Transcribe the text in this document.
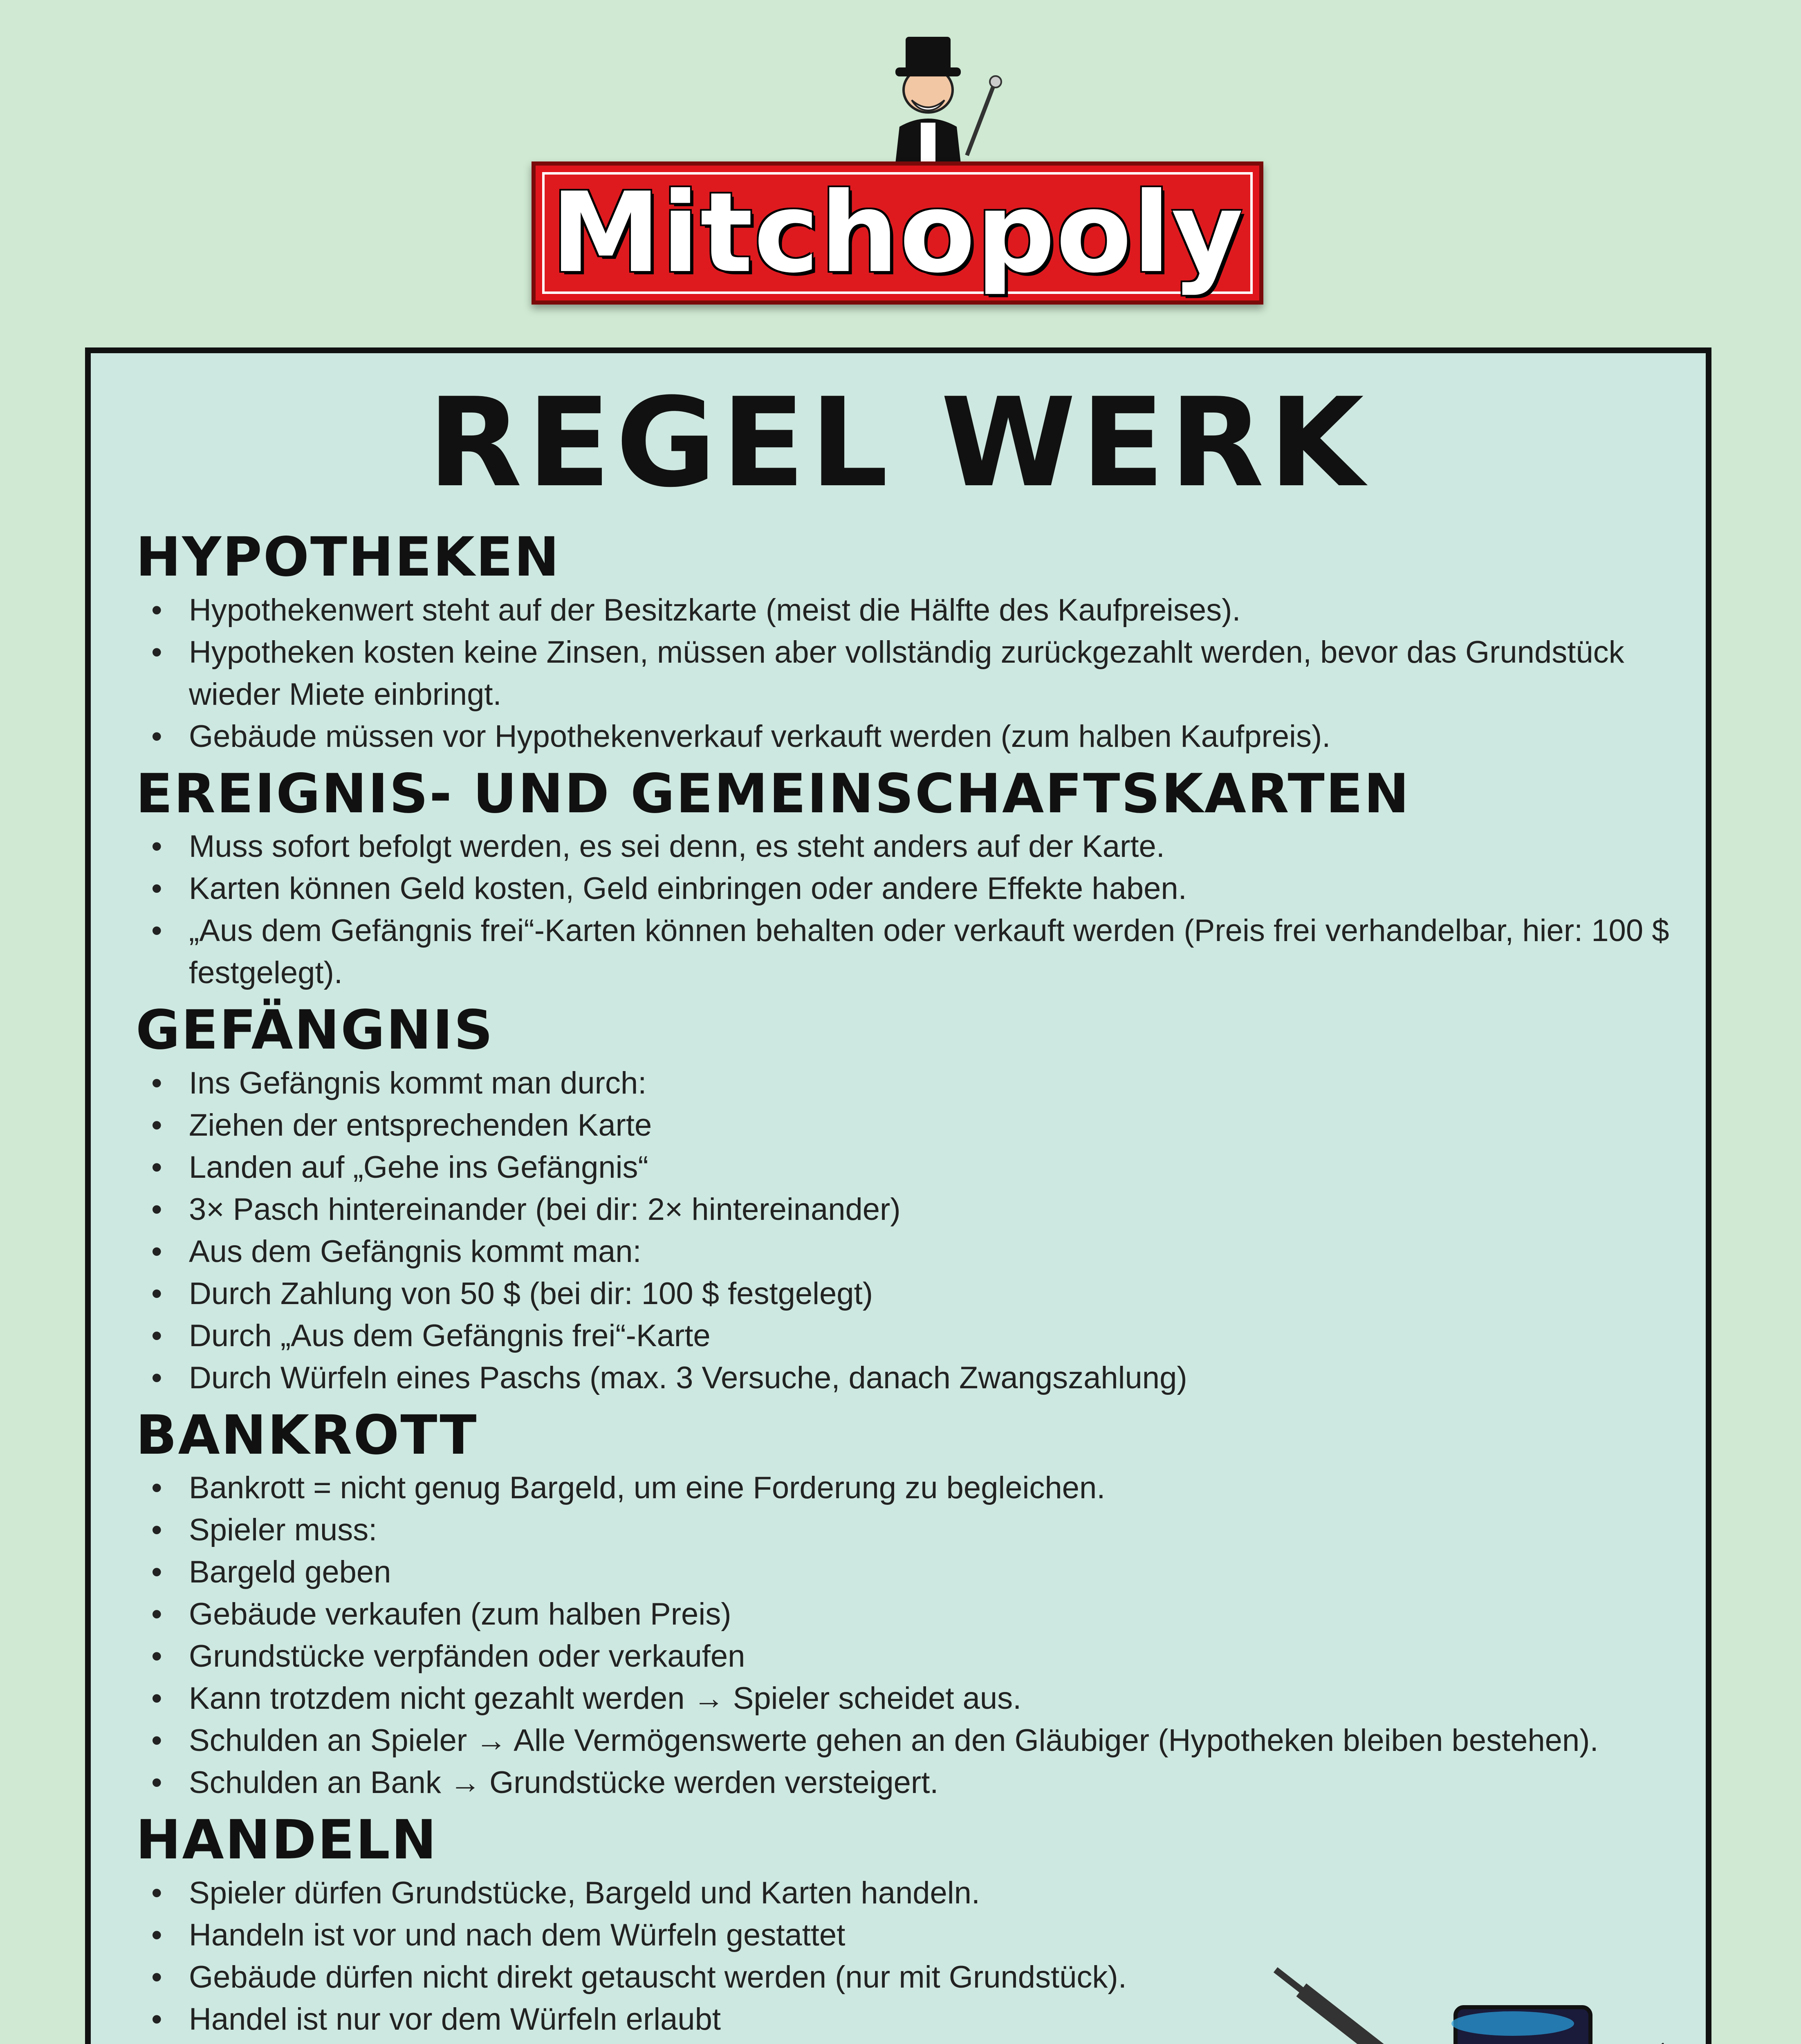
Mitchopoly
REGEL WERK
HYPOTHEKEN
• Hypothekenwert steht auf der Besitzkarte (meist die Hälfte des Kaufpreises).
• Hypotheken kosten keine Zinsen, müssen aber vollständig zurückgezahlt werden, bevor das Grundstück wieder Miete einbringt.
• Gebäude müssen vor Hypothekenverkauf verkauft werden (zum halben Kaufpreis).
EREIGNIS- UND GEMEINSCHAFTSKARTEN
• Muss sofort befolgt werden, es sei denn, es steht anders auf der Karte.
• Karten können Geld kosten, Geld einbringen oder andere Effekte haben.
• „Aus dem Gefängnis frei“-Karten können behalten oder verkauft werden (Preis frei verhandelbar, hier: 100 $ festgelegt).
GEFÄNGNIS
• Ins Gefängnis kommt man durch:
• Ziehen der entsprechenden Karte
• Landen auf „Gehe ins Gefängnis“
• 3× Pasch hintereinander (bei dir: 2× hintereinander)
• Aus dem Gefängnis kommt man:
• Durch Zahlung von 50 $ (bei dir: 100 $ festgelegt)
• Durch „Aus dem Gefängnis frei“-Karte
• Durch Würfeln eines Paschs (max. 3 Versuche, danach Zwangszahlung)
BANKROTT
• Bankrott = nicht genug Bargeld, um eine Forderung zu begleichen.
• Spieler muss:
• Bargeld geben
• Gebäude verkaufen (zum halben Preis)
• Grundstücke verpfänden oder verkaufen
• Kann trotzdem nicht gezahlt werden → Spieler scheidet aus.
• Schulden an Spieler → Alle Vermögenswerte gehen an den Gläubiger (Hypotheken bleiben bestehen).
• Schulden an Bank → Grundstücke werden versteigert.
HANDELN
• Spieler dürfen Grundstücke, Bargeld und Karten handeln.
• Handeln ist vor und nach dem Würfeln gestattet
• Gebäude dürfen nicht direkt getauscht werden (nur mit Grundstück).
• Handel ist nur vor dem Würfeln erlaubt
